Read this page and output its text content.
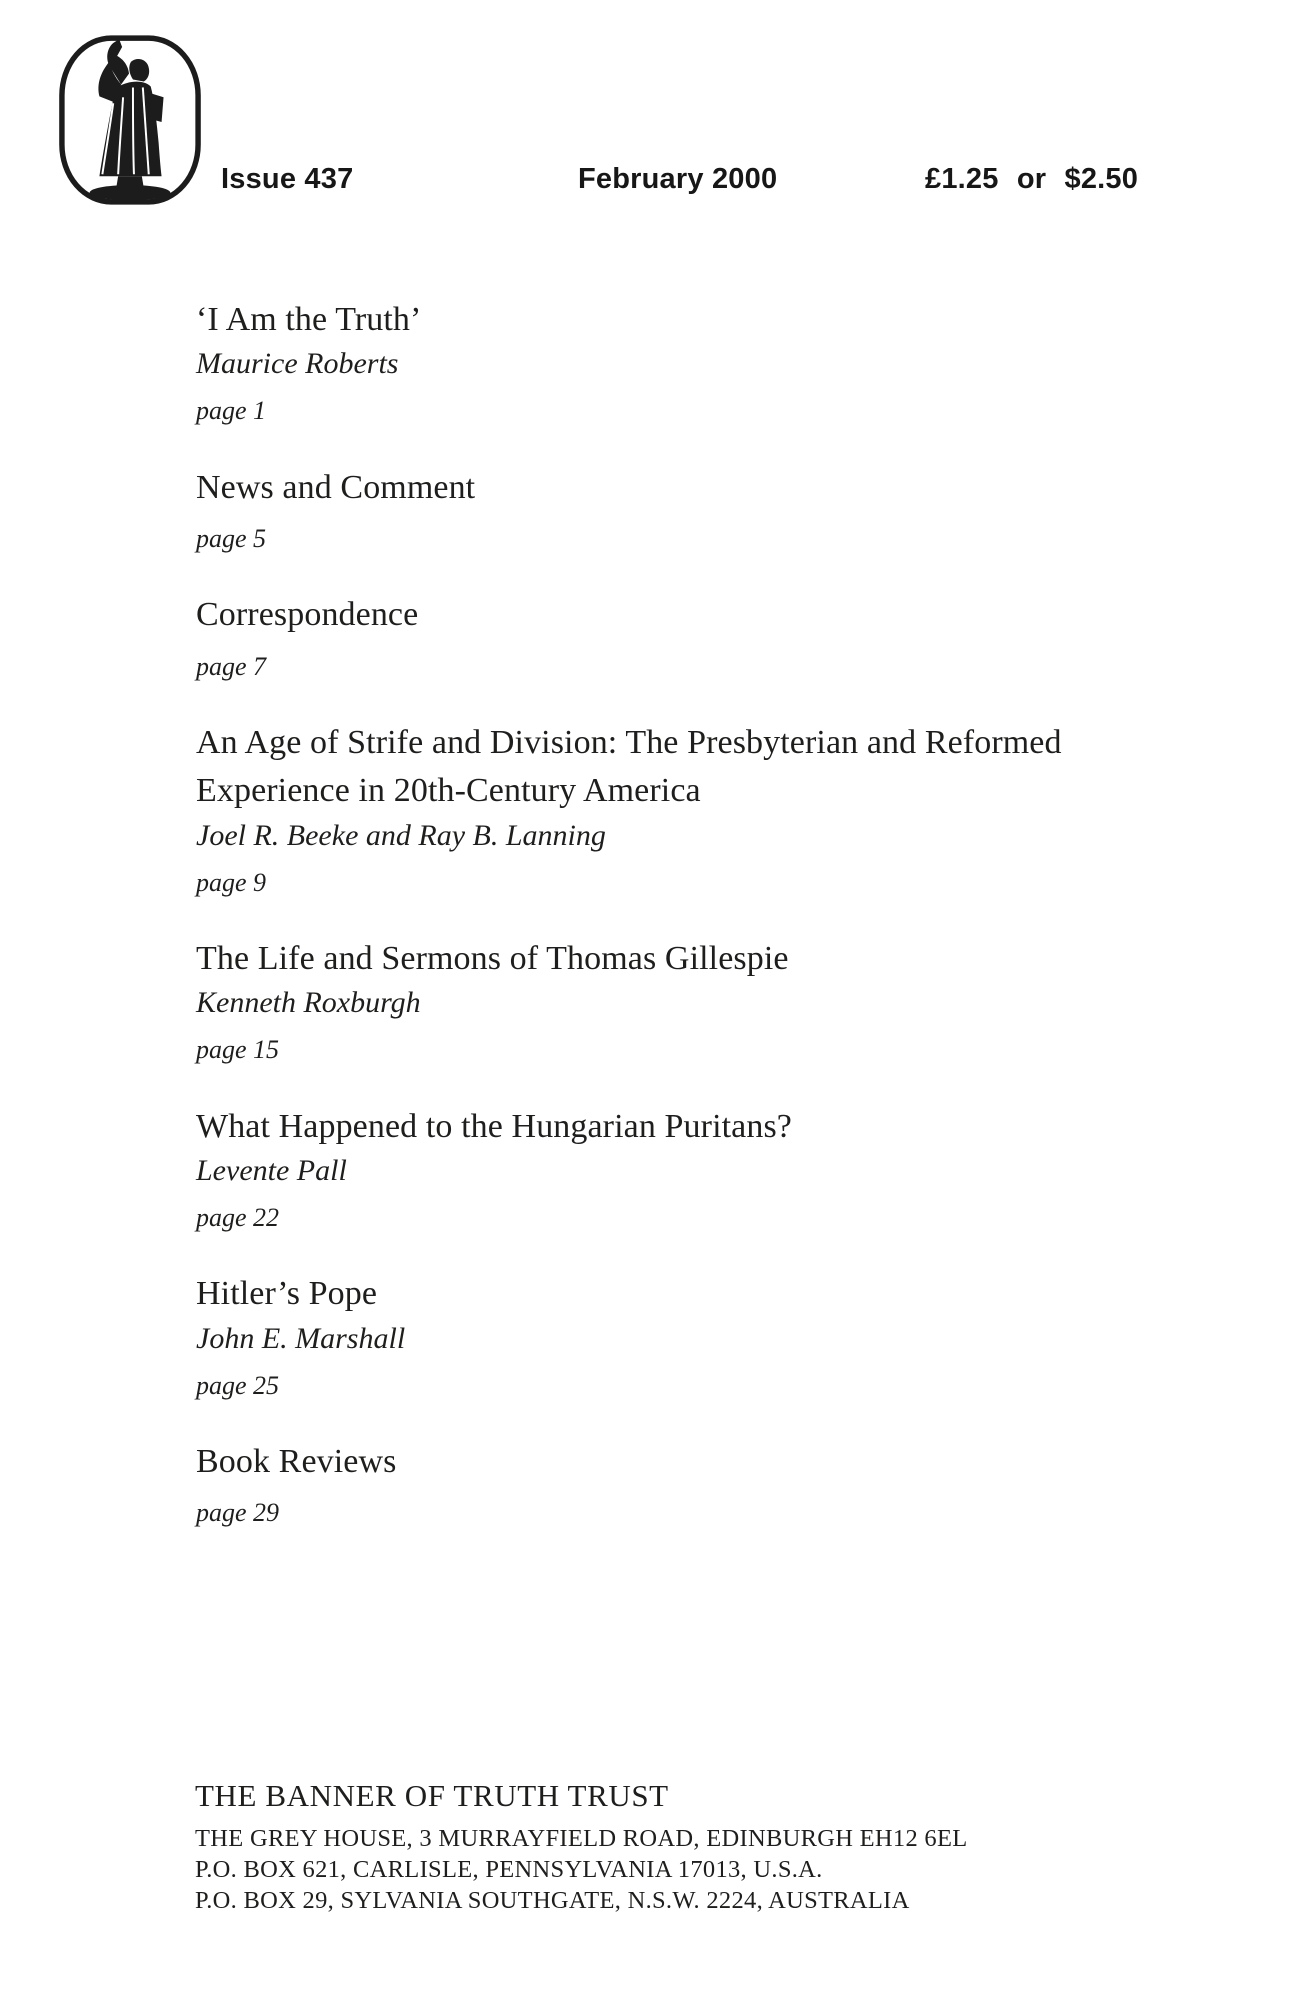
Issue 437	February 2000	£1.25 or $2.50
‘I Am the Truth’
Maurice Roberts
page 1
News and Comment
page 5
Correspondence
page 7
An Age of Strife and Division: The Presbyterian and Reformed Experience in 20th-Century America
Joel R. Beeke and Ray B. Lanning
page 9
The Life and Sermons of Thomas Gillespie
Kenneth Roxburgh
page 15
What Happened to the Hungarian Puritans?
Levente Pall
page 22
Hitler’s Pope
John E. Marshall
page 25
Book Reviews
page 29
THE BANNER OF TRUTH TRUST
THE GREY HOUSE, 3 MURRAYFIELD ROAD, EDINBURGH EH12 6EL
P.O. BOX 621, CARLISLE, PENNSYLVANIA 17013, U.S.A.
P.O. BOX 29, SYLVANIA SOUTHGATE, N.S.W. 2224, AUSTRALIA
